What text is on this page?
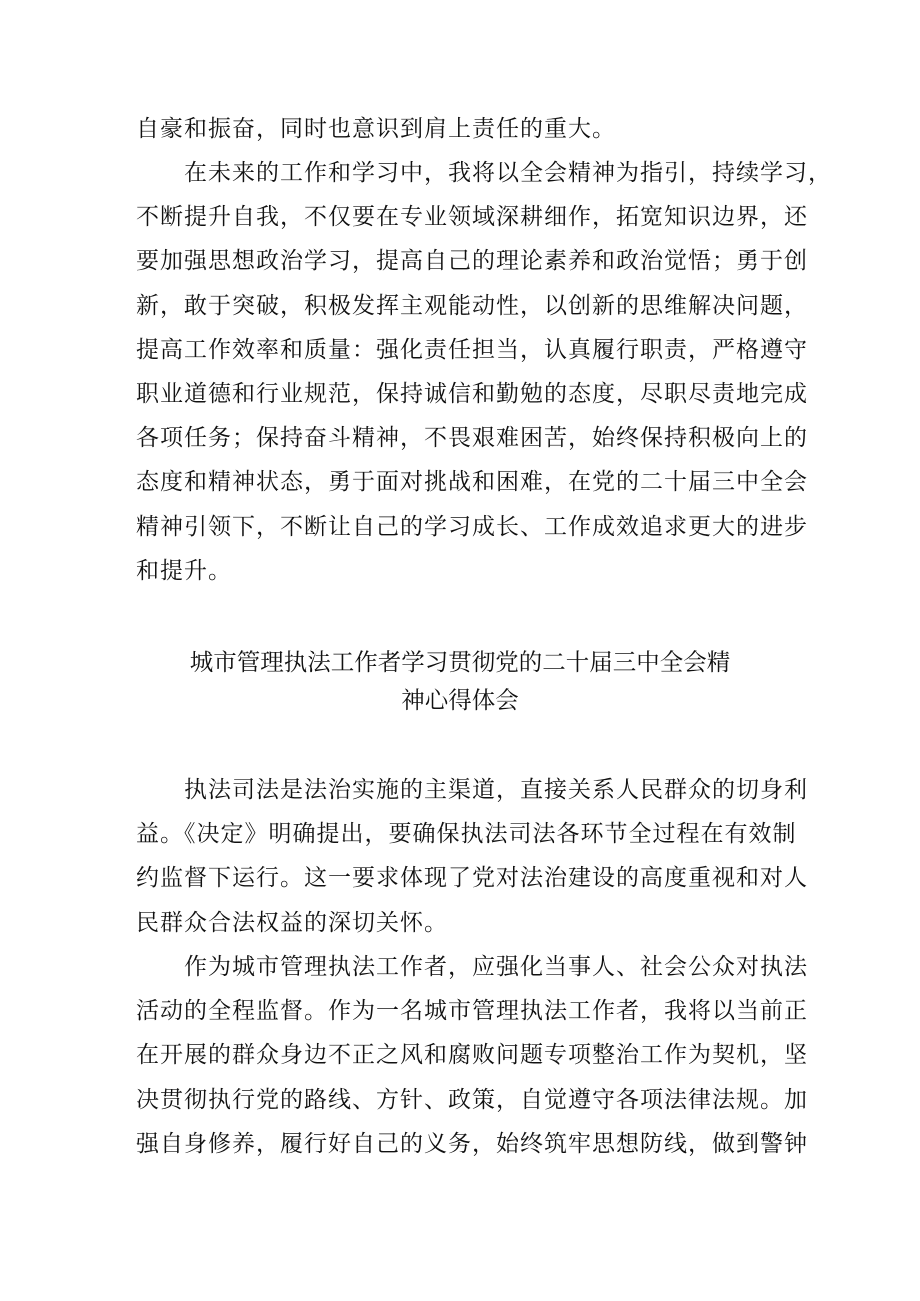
自豪和振奋，同时也意识到肩上责任的重大。
在未来的工作和学习中，我将以全会精神为指引，持续学习，
不断提升自我，不仅要在专业领域深耕细作，拓宽知识边界，还
要加强思想政治学习，提高自己的理论素养和政治觉悟；勇于创
新，敢于突破，积极发挥主观能动性，以创新的思维解决问题，
提高工作效率和质量：强化责任担当，认真履行职责，严格遵守
职业道德和行业规范，保持诚信和勤勉的态度，尽职尽责地完成
各项任务；保持奋斗精神，不畏艰难困苦，始终保持积极向上的
态度和精神状态，勇于面对挑战和困难，在党的二十届三中全会
精神引领下，不断让自己的学习成长、工作成效追求更大的进步
和提升。
城市管理执法工作者学习贯彻党的二十届三中全会精
神心得体会
执法司法是法治实施的主渠道，直接关系人民群众的切身利
益。《决定》明确提出，要确保执法司法各环节全过程在有效制
约监督下运行。这一要求体现了党对法治建设的高度重视和对人
民群众合法权益的深切关怀。
作为城市管理执法工作者，应强化当事人、社会公众对执法
活动的全程监督。作为一名城市管理执法工作者，我将以当前正
在开展的群众身边不正之风和腐败问题专项整治工作为契机，坚
决贯彻执行党的路线、方针、政策，自觉遵守各项法律法规。加
强自身修养，履行好自己的义务，始终筑牢思想防线，做到警钟
